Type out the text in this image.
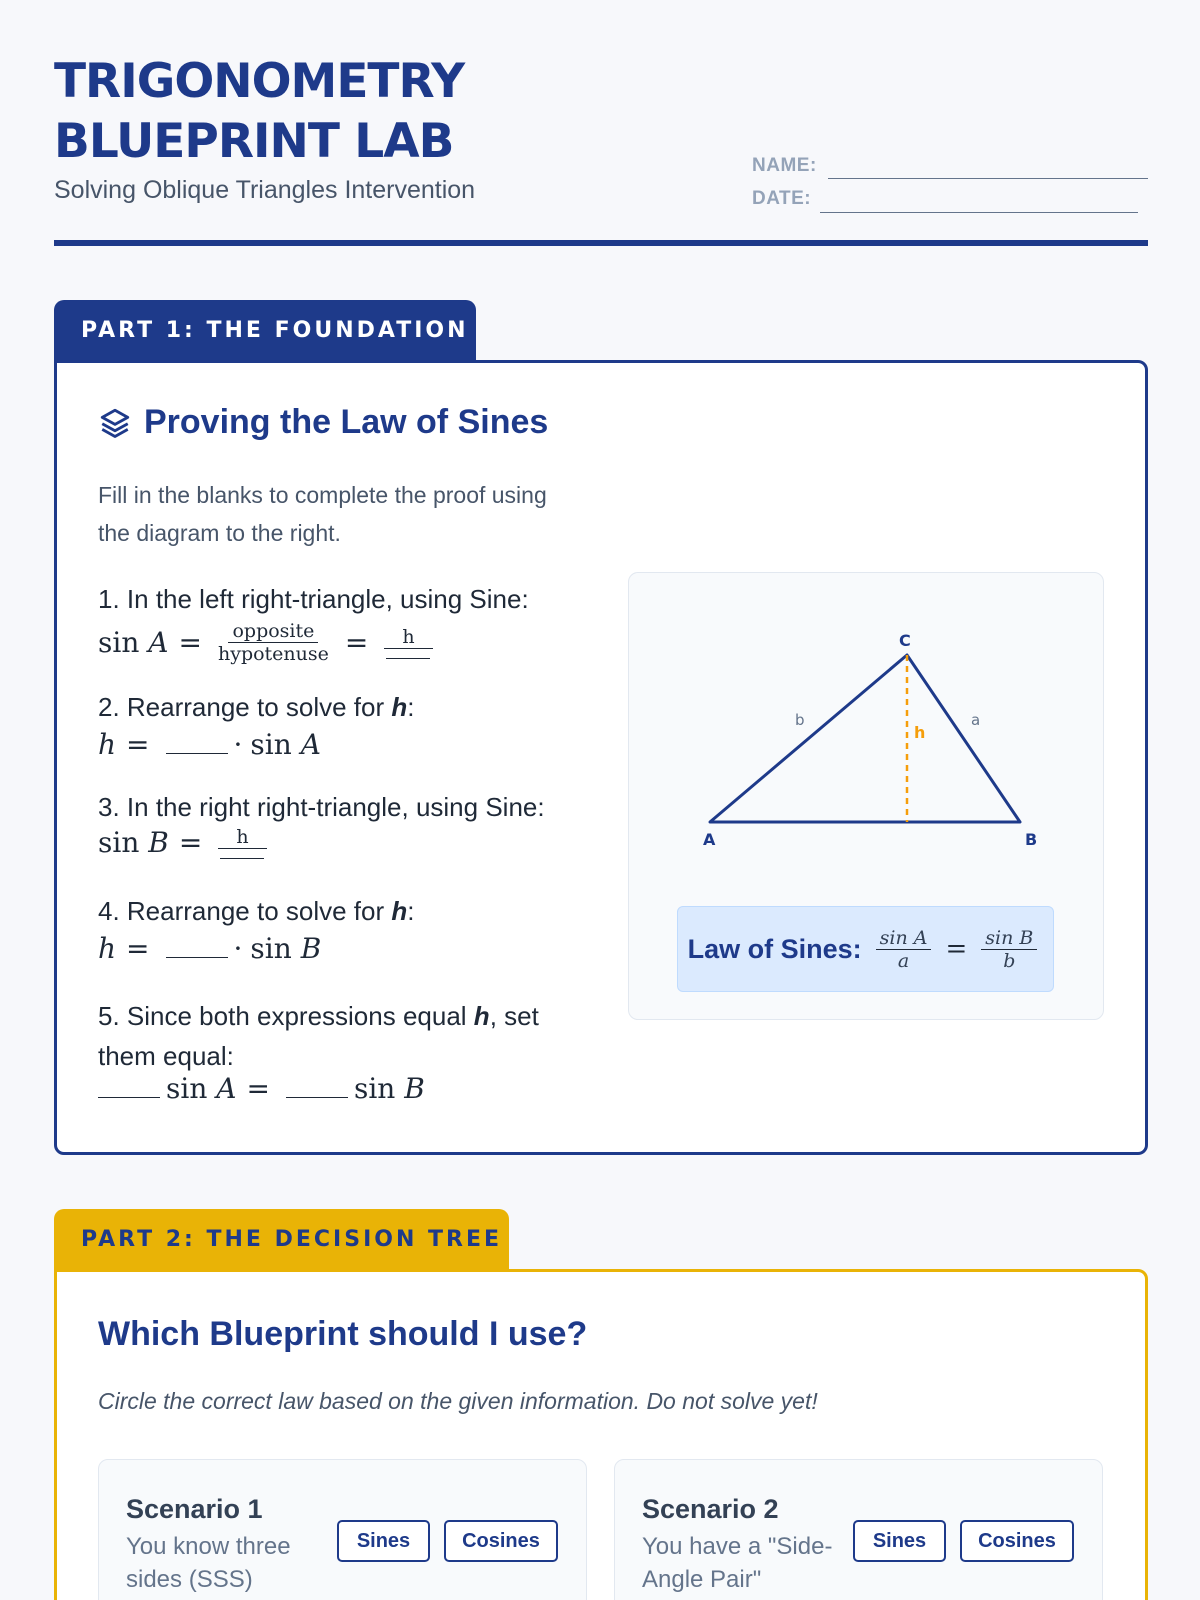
TRIGONOMETRY
BLUEPRINT LAB
Solving Oblique Triangles Intervention
NAME:
DATE:
PART 1: THE FOUNDATION
Proving the Law of Sines
Fill in the blanks to complete the proof using the diagram to the right.
1. In the left right-triangle, using Sine:
sin
$A = \frac{\text{opposite}}{\text{hypotenuse}}$ =	h
2. Rearrange to solve for h:
h =	· sin
A
3. In the right right-triangle, using Sine:
sin
B =	h
4. Rearrange to solve for h:
h =	· sin
B
5. Since both expressions equal h, set them equal:
sin
A =	sin
B
A	B
C
b	a
h
Law of Sines: $\frac{\text{sin A}}{a} = \frac{\text{sin B}}{b}$
PART 2: THE DECISION TREE
Which Blueprint should I use?
Circle the correct law based on the given information. Do not solve yet!
Scenario 1
You know three sides (SSS)
Sines	Cosines
Scenario 2
You have a "Side-Angle Pair"
Sines	Cosines
